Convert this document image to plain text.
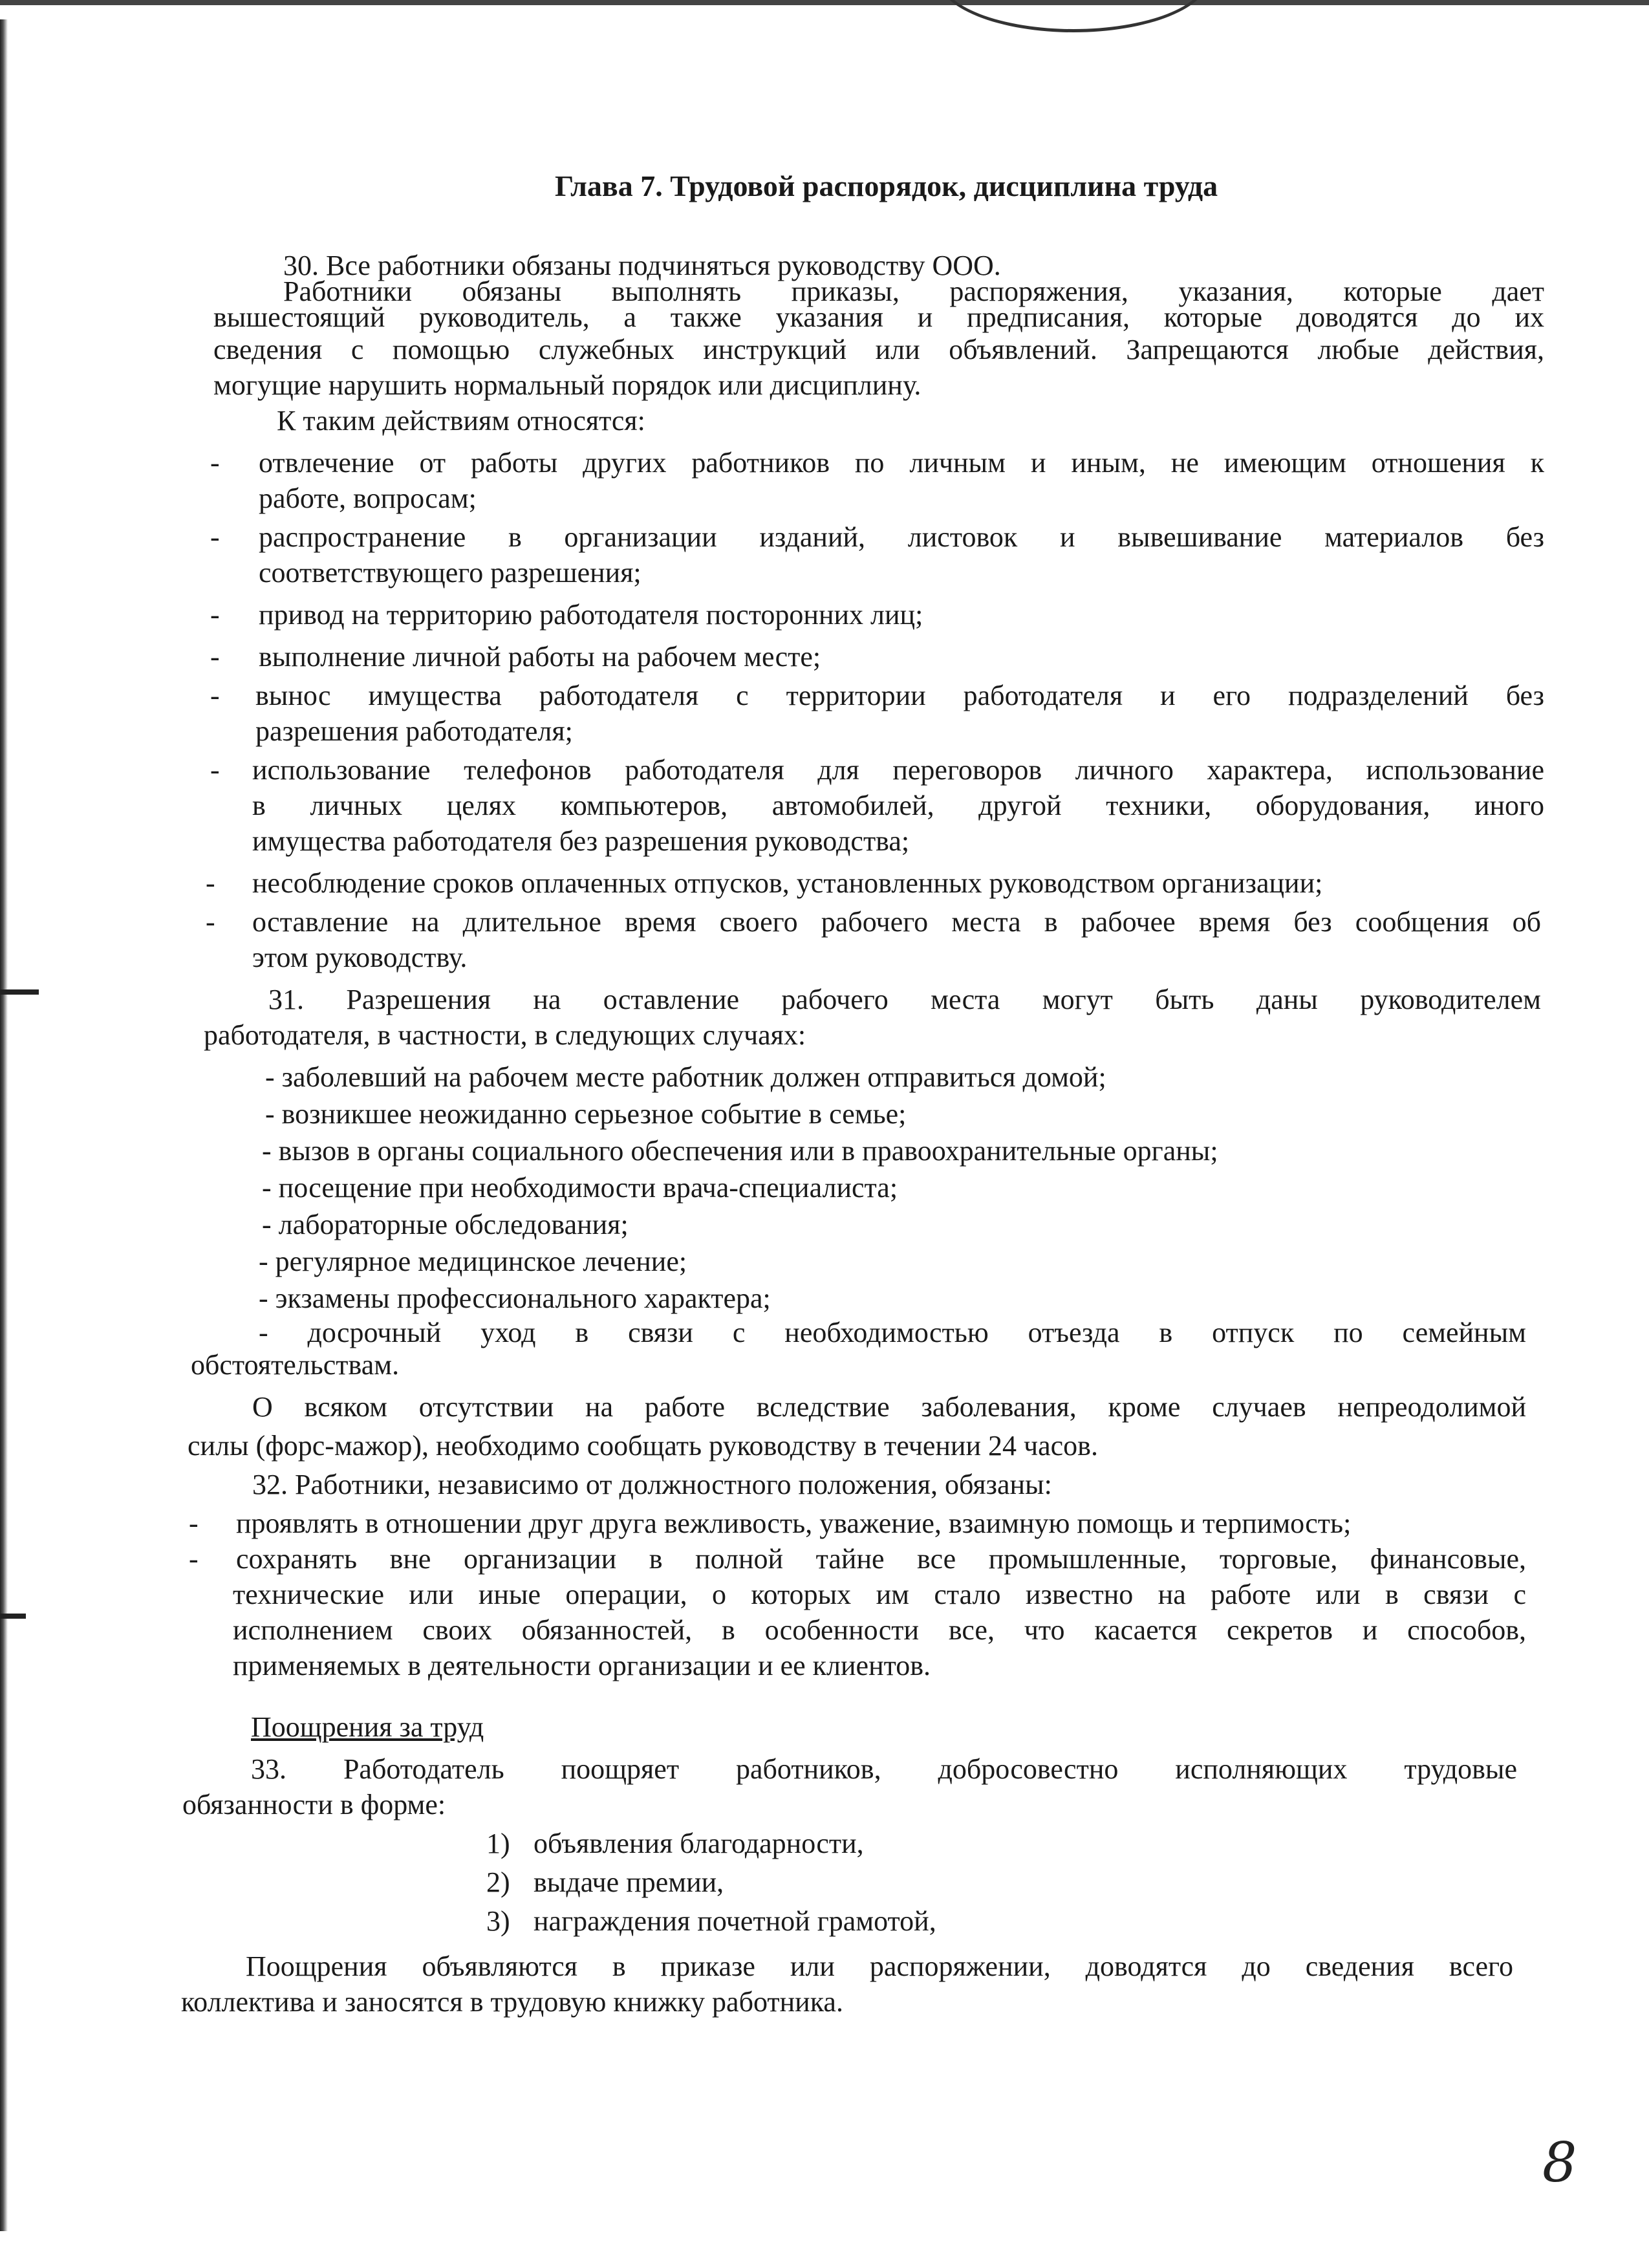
Глава 7. Трудовой распорядок, дисциплина труда
30. Все работники обязаны подчиняться руководству ООО.
Работники обязаны выполнять приказы, распоряжения, указания, которые дает
вышестоящий руководитель, а также указания и предписания, которые доводятся до их
сведения с помощью служебных инструкций или объявлений. Запрещаются любые действия,
могущие нарушить нормальный порядок или дисциплину.
К таким действиям относятся:
- отвлечение от работы других работников по личным и иным, не имеющим отношения к
работе, вопросам;
- распространение в организации изданий, листовок и вывешивание материалов без
соответствующего разрешения;
- привод на территорию работодателя посторонних лиц;
- выполнение личной работы на рабочем месте;
- вынос имущества работодателя с территории работодателя и его подразделений без
разрешения работодателя;
- использование телефонов работодателя для переговоров личного характера, использование
в личных целях компьютеров, автомобилей, другой техники, оборудования, иного
имущества работодателя без разрешения руководства;
- несоблюдение сроков оплаченных отпусков, установленных руководством организации;
- оставление на длительное время своего рабочего места в рабочее время без сообщения об
этом руководству.
31. Разрешения на оставление рабочего места могут быть даны руководителем
работодателя, в частности, в следующих случаях:
- заболевший на рабочем месте работник должен отправиться домой;
- возникшее неожиданно серьезное событие в семье;
- вызов в органы социального обеспечения или в правоохранительные органы;
- посещение при необходимости врача-специалиста;
- лабораторные обследования;
- регулярное медицинское лечение;
- экзамены профессионального характера;
- досрочный уход в связи с необходимостью отъезда в отпуск по семейным
обстоятельствам.
О всяком отсутствии на работе вследствие заболевания, кроме случаев непреодолимой
силы (форс-мажор), необходимо сообщать руководству в течении 24 часов.
32. Работники, независимо от должностного положения, обязаны:
- проявлять в отношении друг друга вежливость, уважение, взаимную помощь и терпимость;
- сохранять вне организации в полной тайне все промышленные, торговые, финансовые,
технические или иные операции, о которых им стало известно на работе или в связи с
исполнением своих обязанностей, в особенности все, что касается секретов и способов,
применяемых в деятельности организации и ее клиентов.
Поощрения за труд
33. Работодатель поощряет работников, добросовестно исполняющих трудовые
обязанности в форме:
1) объявления благодарности,
2) выдаче премии,
3) награждения почетной грамотой,
Поощрения объявляются в приказе или распоряжении, доводятся до сведения всего
коллектива и заносятся в трудовую книжку работника.
8
